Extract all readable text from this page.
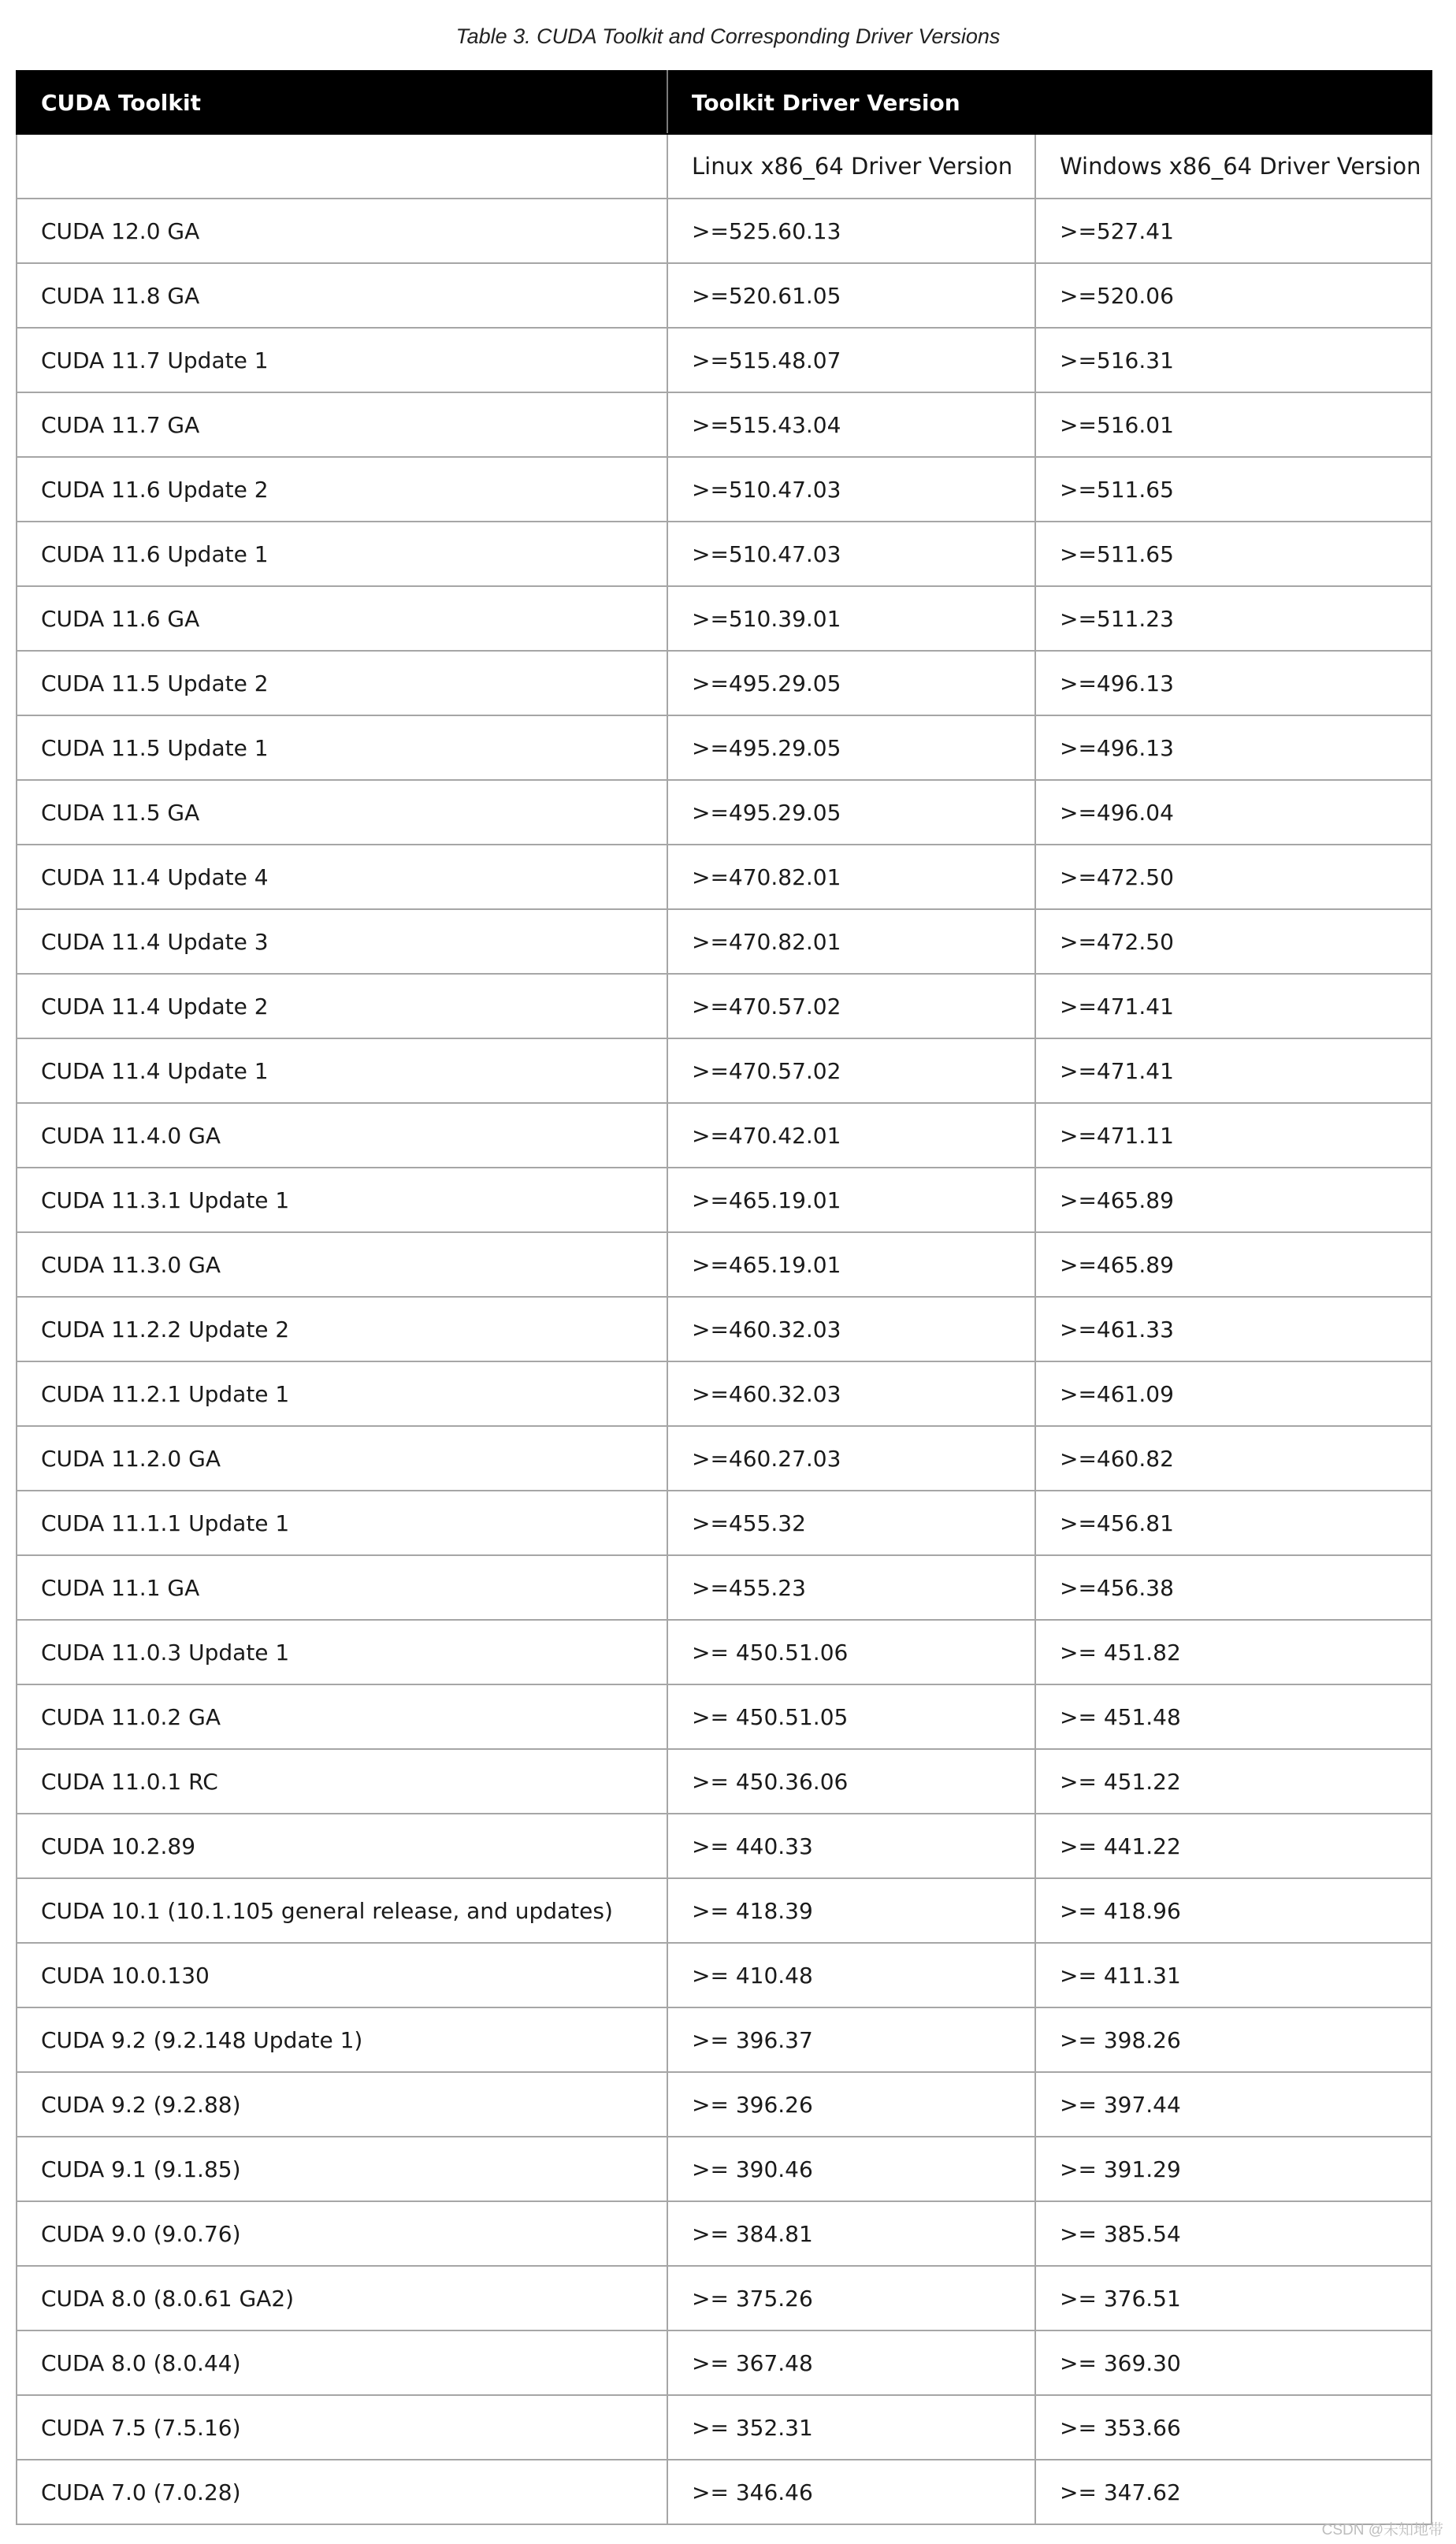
Table 3. CUDA Toolkit and Corresponding Driver Versions
CUDA Toolkit	Toolkit Driver Version	
	Linux x86_64 Driver Version	Windows x86_64 Driver Version
CUDA 12.0 GA	>=525.60.13	>=527.41
CUDA 11.8 GA	>=520.61.05	>=520.06
CUDA 11.7 Update 1	>=515.48.07	>=516.31
CUDA 11.7 GA	>=515.43.04	>=516.01
CUDA 11.6 Update 2	>=510.47.03	>=511.65
CUDA 11.6 Update 1	>=510.47.03	>=511.65
CUDA 11.6 GA	>=510.39.01	>=511.23
CUDA 11.5 Update 2	>=495.29.05	>=496.13
CUDA 11.5 Update 1	>=495.29.05	>=496.13
CUDA 11.5 GA	>=495.29.05	>=496.04
CUDA 11.4 Update 4	>=470.82.01	>=472.50
CUDA 11.4 Update 3	>=470.82.01	>=472.50
CUDA 11.4 Update 2	>=470.57.02	>=471.41
CUDA 11.4 Update 1	>=470.57.02	>=471.41
CUDA 11.4.0 GA	>=470.42.01	>=471.11
CUDA 11.3.1 Update 1	>=465.19.01	>=465.89
CUDA 11.3.0 GA	>=465.19.01	>=465.89
CUDA 11.2.2 Update 2	>=460.32.03	>=461.33
CUDA 11.2.1 Update 1	>=460.32.03	>=461.09
CUDA 11.2.0 GA	>=460.27.03	>=460.82
CUDA 11.1.1 Update 1	>=455.32	>=456.81
CUDA 11.1 GA	>=455.23	>=456.38
CUDA 11.0.3 Update 1	>= 450.51.06	>= 451.82
CUDA 11.0.2 GA	>= 450.51.05	>= 451.48
CUDA 11.0.1 RC	>= 450.36.06	>= 451.22
CUDA 10.2.89	>= 440.33	>= 441.22
CUDA 10.1 (10.1.105 general release, and updates)	>= 418.39	>= 418.96
CUDA 10.0.130	>= 410.48	>= 411.31
CUDA 9.2 (9.2.148 Update 1)	>= 396.37	>= 398.26
CUDA 9.2 (9.2.88)	>= 396.26	>= 397.44
CUDA 9.1 (9.1.85)	>= 390.46	>= 391.29
CUDA 9.0 (9.0.76)	>= 384.81	>= 385.54
CUDA 8.0 (8.0.61 GA2)	>= 375.26	>= 376.51
CUDA 8.0 (8.0.44)	>= 367.48	>= 369.30
CUDA 7.5 (7.5.16)	>= 352.31	>= 353.66
CUDA 7.0 (7.0.28)	>= 346.46	>= 347.62
CSDN @未知地带
